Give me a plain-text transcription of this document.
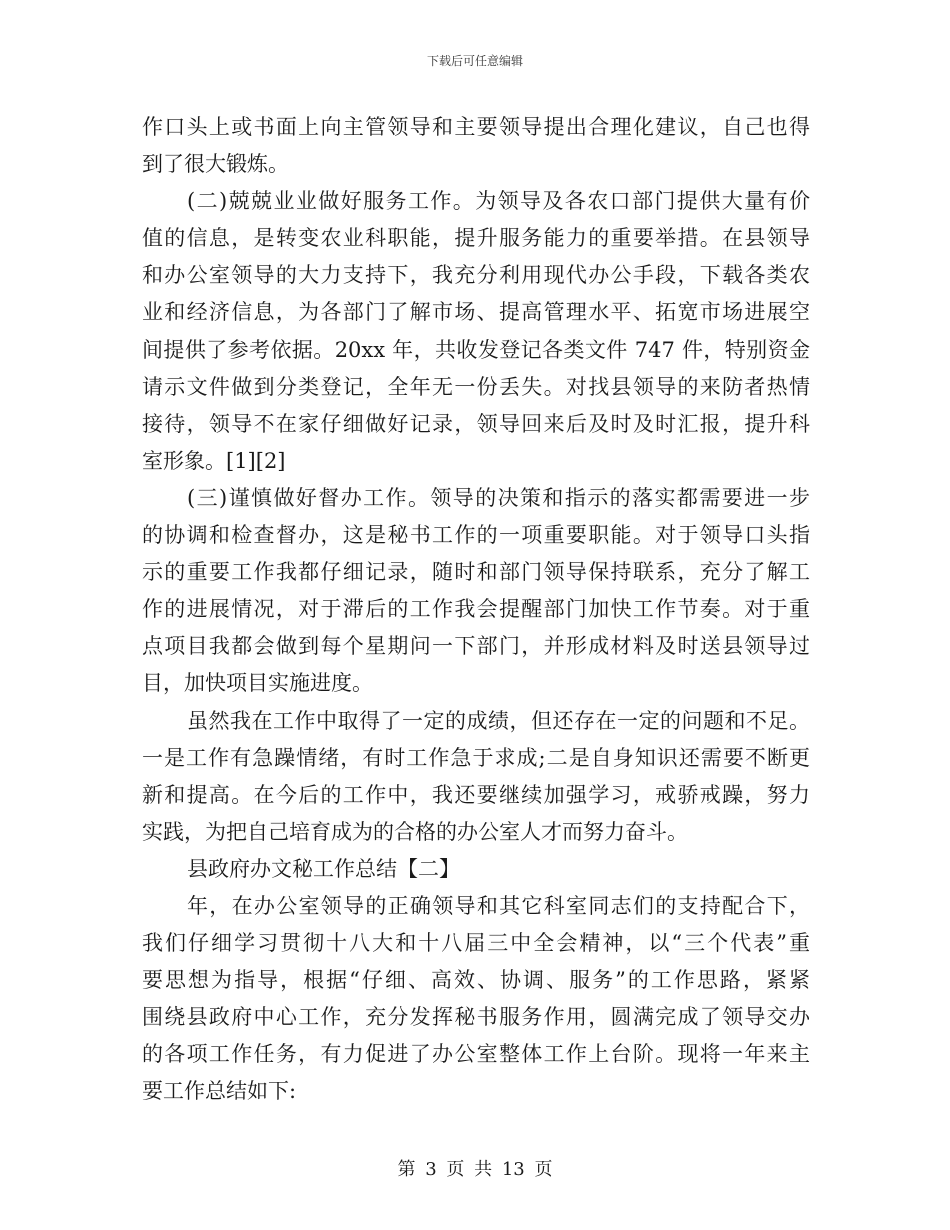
下载后可任意编辑
作口头上或书面上向主管领导和主要领导提出合理化建议，自己也得
到了很大锻炼。
(二)兢兢业业做好服务工作。为领导及各农口部门提供大量有价
值的信息，是转变农业科职能，提升服务能力的重要举措。在县领导
和办公室领导的大力支持下，我充分利用现代办公手段，下载各类农
业和经济信息，为各部门了解市场、提高管理水平、拓宽市场进展空
间提供了参考依据。20xx 年，共收发登记各类文件 747 件，特别资金
请示文件做到分类登记，全年无一份丢失。对找县领导的来防者热情
接待，领导不在家仔细做好记录，领导回来后及时及时汇报，提升科
室形象。[1][2]
(三)谨慎做好督办工作。领导的决策和指示的落实都需要进一步
的协调和检查督办，这是秘书工作的一项重要职能。对于领导口头指
示的重要工作我都仔细记录，随时和部门领导保持联系，充分了解工
作的进展情况，对于滞后的工作我会提醒部门加快工作节奏。对于重
点项目我都会做到每个星期问一下部门，并形成材料及时送县领导过
目，加快项目实施进度。
虽然我在工作中取得了一定的成绩，但还存在一定的问题和不足。
一是工作有急躁情绪，有时工作急于求成;二是自身知识还需要不断更
新和提高。在今后的工作中，我还要继续加强学习，戒骄戒躁，努力
实践，为把自己培育成为的合格的办公室人才而努力奋斗。
县政府办文秘工作总结【二】
年，在办公室领导的正确领导和其它科室同志们的支持配合下，
我们仔细学习贯彻十八大和十八届三中全会精神，以“三个代表”重
要思想为指导，根据“仔细、高效、协调、服务”的工作思路，紧紧
围绕县政府中心工作，充分发挥秘书服务作用，圆满完成了领导交办
的各项工作任务，有力促进了办公室整体工作上台阶。现将一年来主
要工作总结如下:
第 3 页 共 13 页
